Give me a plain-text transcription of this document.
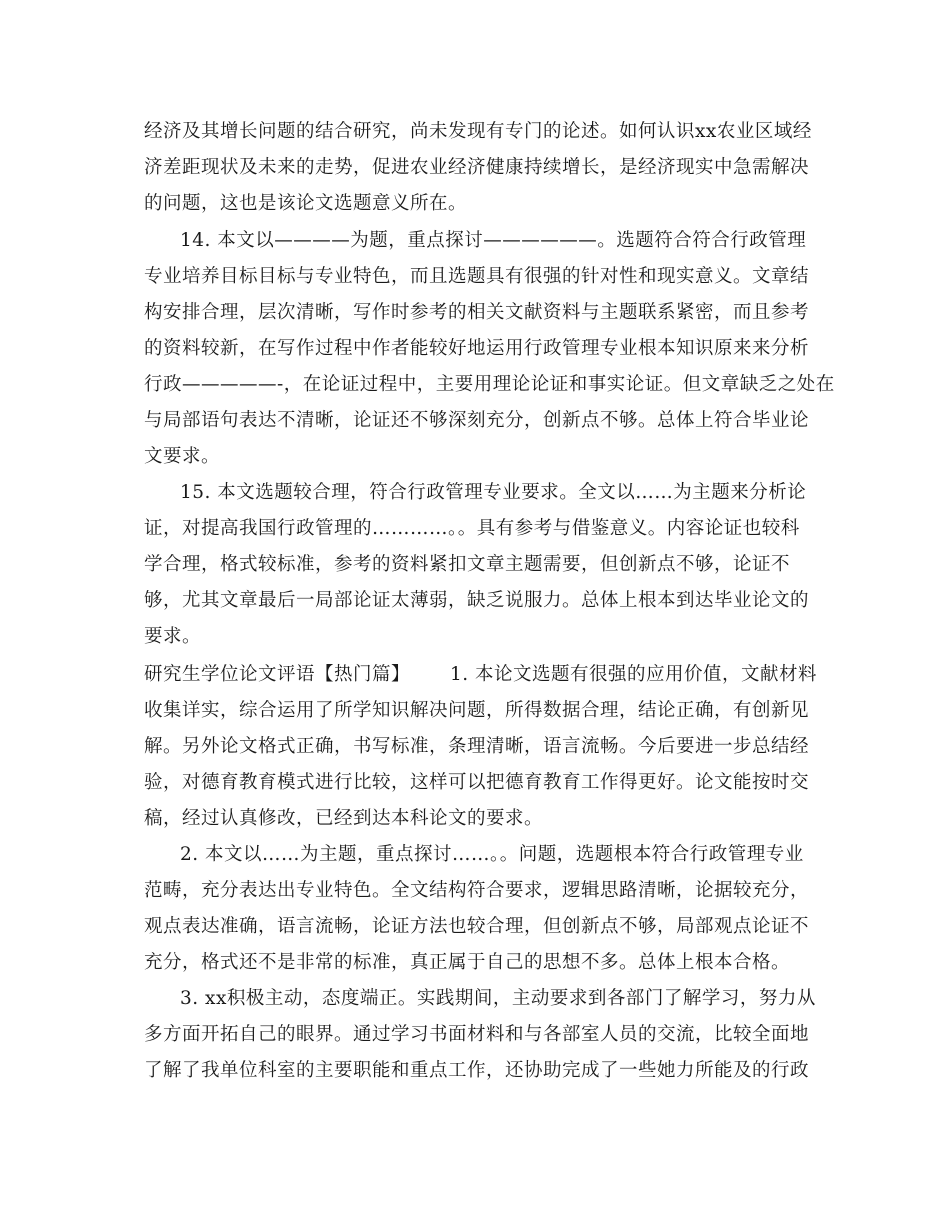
经济及其增长问题的结合研究，尚未发现有专门的论述。如何认识xx农业区域经
济差距现状及未来的走势，促进农业经济健康持续增长，是经济现实中急需解决
的问题，这也是该论文选题意义所在。
14. 本文以————为题，重点探讨——————。选题符合符合行政管理
专业培养目标目标与专业特色，而且选题具有很强的针对性和现实意义。文章结
构安排合理，层次清晰，写作时参考的相关文献资料与主题联系紧密，而且参考
的资料较新，在写作过程中作者能较好地运用行政管理专业根本知识原来来分析
行政—————-，在论证过程中，主要用理论论证和事实论证。但文章缺乏之处在
与局部语句表达不清晰，论证还不够深刻充分，创新点不够。总体上符合毕业论
文要求。
15. 本文选题较合理，符合行政管理专业要求。全文以……为主题来分析论
证，对提高我国行政管理的…………。。具有参考与借鉴意义。内容论证也较科
学合理，格式较标准，参考的资料紧扣文章主题需要，但创新点不够，论证不
够，尤其文章最后一局部论证太薄弱，缺乏说服力。总体上根本到达毕业论文的
要求。
研究生学位论文评语【热门篇】 1. 本论文选题有很强的应用价值，文献材料
收集详实，综合运用了所学知识解决问题，所得数据合理，结论正确，有创新见
解。另外论文格式正确，书写标准，条理清晰，语言流畅。今后要进一步总结经
验，对德育教育模式进行比较，这样可以把德育教育工作得更好。论文能按时交
稿，经过认真修改，已经到达本科论文的要求。
2. 本文以……为主题，重点探讨……。。问题，选题根本符合行政管理专业
范畴，充分表达出专业特色。全文结构符合要求，逻辑思路清晰，论据较充分，
观点表达准确，语言流畅，论证方法也较合理，但创新点不够，局部观点论证不
充分，格式还不是非常的标准，真正属于自己的思想不多。总体上根本合格。
3. xx积极主动，态度端正。实践期间，主动要求到各部门了解学习，努力从
多方面开拓自己的眼界。通过学习书面材料和与各部室人员的交流，比较全面地
了解了我单位科室的主要职能和重点工作，还协助完成了一些她力所能及的行政
